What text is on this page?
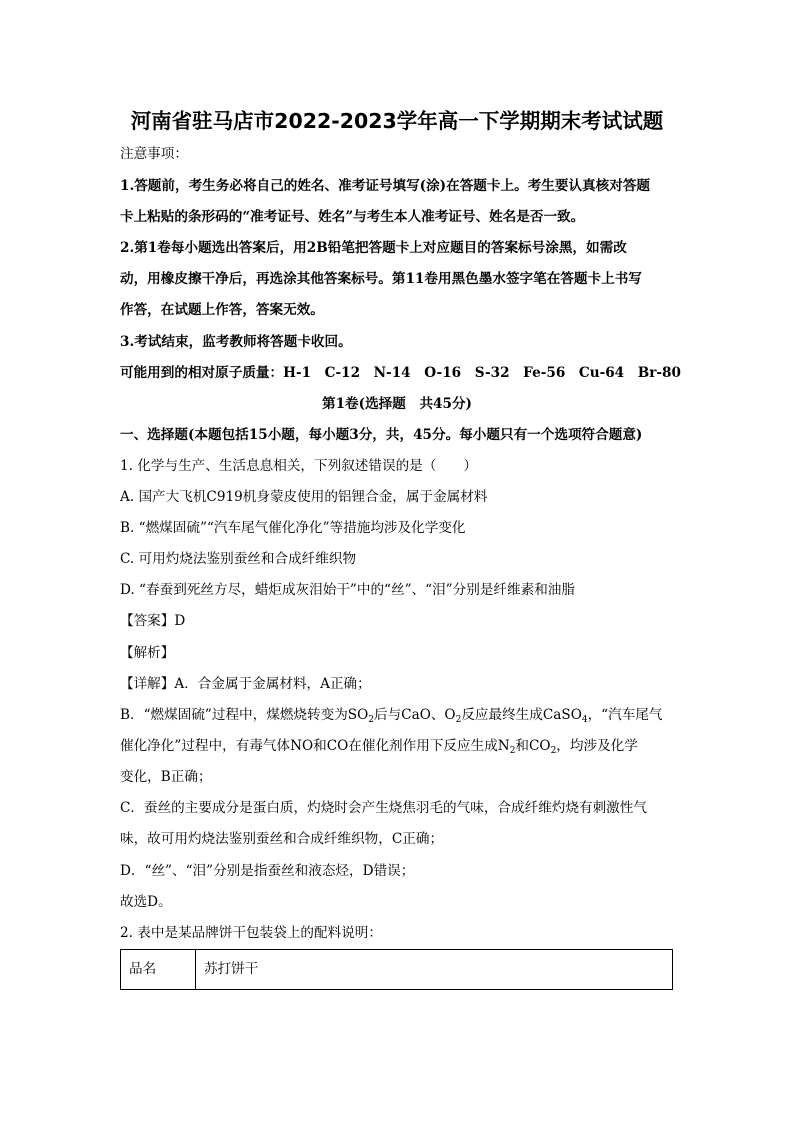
河南省驻马店市2022-2023学年高一下学期期末考试试题
注意事项：
1.答题前，考生务必将自己的姓名、准考证号填写(涂)在答题卡上。考生要认真核对答题
卡上粘贴的条形码的“准考证号、姓名”与考生本人准考证号、姓名是否一致。
2.第1卷每小题选出答案后，用2B铅笔把答题卡上对应题目的答案标号涂黑，如需改
动，用橡皮擦干净后，再选涂其他答案标号。第11卷用黑色墨水签字笔在答题卡上书写
作答，在试题上作答，答案无效。
3.考试结束，监考教师将答题卡收回。
可能用到的相对原子质量：H-1　C-12　N-14　O-16　S-32　Fe-56　Cu-64　Br-80
第1卷(选择题　共45分)
一、选择题(本题包括15小题，每小题3分，共，45分。每小题只有一个选项符合题意)
1. 化学与生产、生活息息相关，下列叙述错误的是（　　）
A. 国产大飞机C919机身蒙皮使用的铝锂合金，属于金属材料
B. “燃煤固硫”“汽车尾气催化净化”等措施均涉及化学变化
C. 可用灼烧法鉴别蚕丝和合成纤维织物
D. “春蚕到死丝方尽，蜡炬成灰泪始干”中的“丝”、“泪”分别是纤维素和油脂
【答案】D
【解析】
【详解】A．合金属于金属材料，A正确；
B．“燃煤固硫”过程中，煤燃烧转变为$SO_2$后与CaO、$O_2$反应最终生成CaSO$_4$，“汽车尾气
催化净化”过程中，有毒气体NO和CO在催化剂作用下反应生成$N_2$和$CO_2$，均涉及化学
变化，B正确；
C．蚕丝的主要成分是蛋白质，灼烧时会产生烧焦羽毛的气味，合成纤维灼烧有刺激性气
味，故可用灼烧法鉴别蚕丝和合成纤维织物，C正确；
D．“丝”、“泪”分别是指蚕丝和液态烃，D错误；
故选D。
2. 表中是某品牌饼干包装袋上的配料说明：
品名	苏打饼干
